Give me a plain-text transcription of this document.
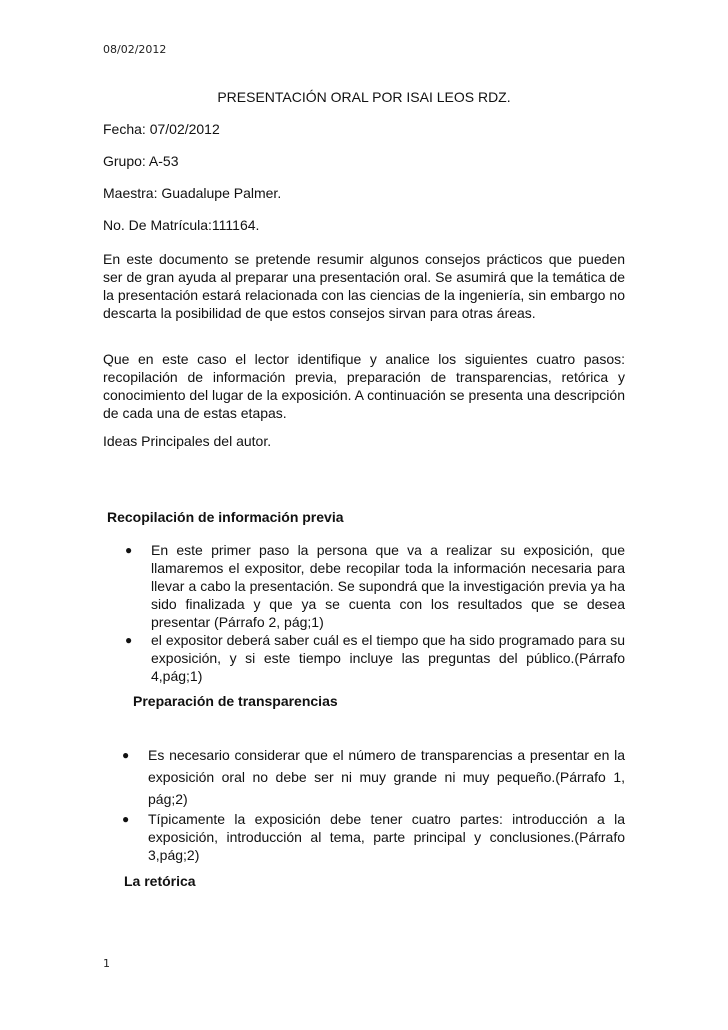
08/02/2012
PRESENTACIÓN ORAL POR ISAI LEOS RDZ.
Fecha: 07/02/2012
Grupo: A-53
Maestra: Guadalupe Palmer.
No. De Matrícula:111164.
En este documento se pretende resumir algunos consejos prácticos que pueden ser de gran ayuda al preparar una presentación oral. Se asumirá que la temática de la presentación estará relacionada con las ciencias de la ingeniería, sin embargo no descarta la posibilidad de que estos consejos sirvan para otras áreas.
Que en este caso el lector identifique y analice los siguientes cuatro pasos: recopilación de información previa, preparación de transparencias, retórica y conocimiento del lugar de la exposición. A continuación se presenta una descripción de cada una de estas etapas.
Ideas Principales del autor.
Recopilación de información previa
● En este primer paso la persona que va a realizar su exposición, que llamaremos el expositor, debe recopilar toda la información necesaria para llevar a cabo la presentación. Se supondrá que la investigación previa ya ha sido finalizada y que ya se cuenta con los resultados que se desea presentar (Párrafo 2, pág;1)
● el expositor deberá saber cuál es el tiempo que ha sido programado para su exposición, y si este tiempo incluye las preguntas del público.(Párrafo 4,pág;1)
Preparación de transparencias
● Es necesario considerar que el número de transparencias a presentar en la exposición oral no debe ser ni muy grande ni muy pequeño.(Párrafo 1, pág;2)
● Típicamente la exposición debe tener cuatro partes: introducción a la exposición, introducción al tema, parte principal y conclusiones.(Párrafo 3,pág;2)
La retórica
1
